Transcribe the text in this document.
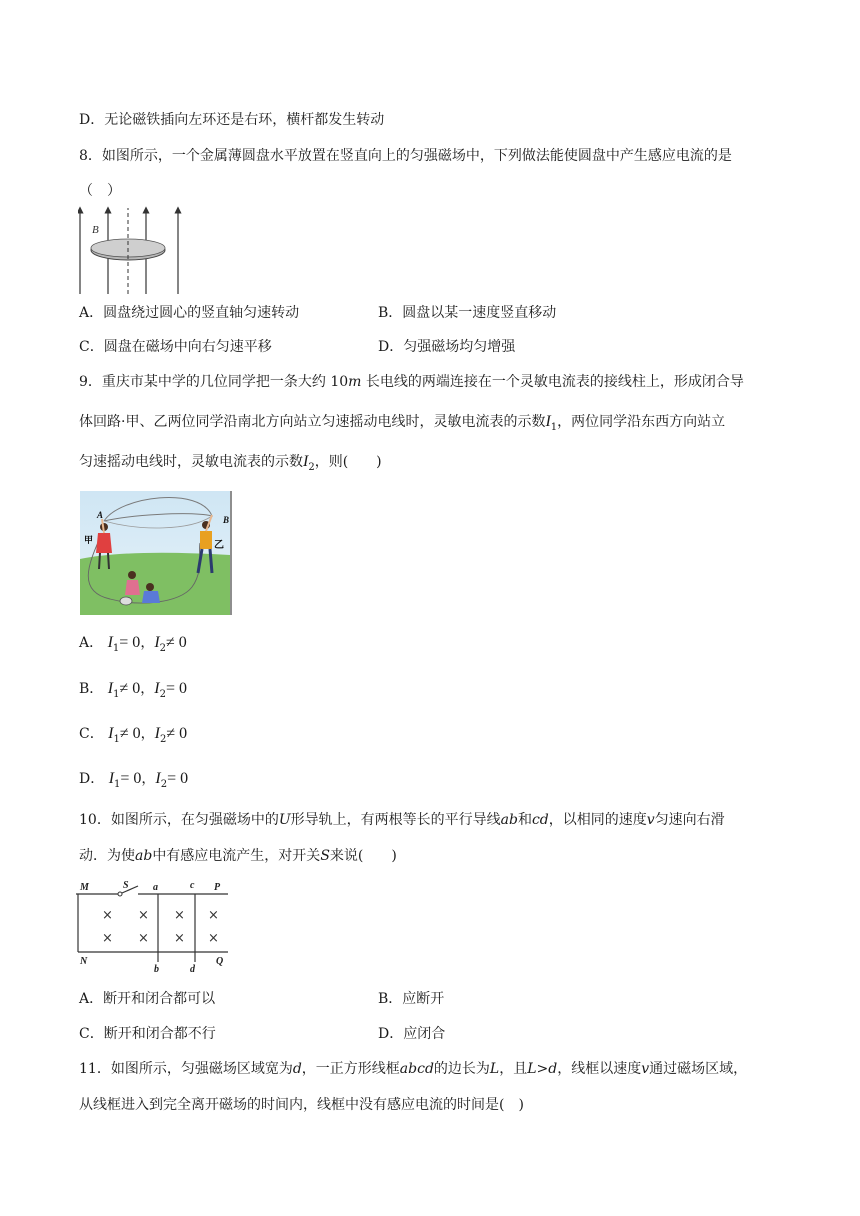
D．无论磁铁插向左环还是右环，横杆都发生转动
8．如图所示，一个金属薄圆盘水平放置在竖直向上的匀强磁场中，下列做法能使圆盘中产生感应电流的是
（　）
B
A．圆盘绕过圆心的竖直轴匀速转动	B．圆盘以某一速度竖直移动
C．圆盘在磁场中向右匀速平移	D．匀强磁场均匀增强
9．重庆市某中学的几位同学把一条大约 10m 长电线的两端连接在一个灵敏电流表的接线柱上，形成闭合导
体回路·甲、乙两位同学沿南北方向站立匀速摇动电线时，灵敏电流表的示数$I_1$，两位同学沿东西方向站立
匀速摇动电线时，灵敏电流表的示数$I_2$，则(　　)
A	B
甲	乙
A． $I_1= 0$，$I_2\ne 0$
B． $I_1\ne 0$，$I_2= 0$
C． $I_1\ne 0$，$I_2\ne 0$
D． $I_1= 0$，$I_2= 0$
10．如图所示，在匀强磁场中的U形导轨上，有两根等长的平行导线ab和cd，以相同的速度v匀速向右滑
动．为使ab中有感应电流产生，对开关S来说(　　)
M	S a	c P
N
b	d
Q
× × × ×
× × × ×
A．断开和闭合都可以	B．应断开
C．断开和闭合都不行	D．应闭合
11．如图所示，匀强磁场区域宽为d，一正方形线框abcd的边长为L，且L>d，线框以速度v通过磁场区域，
从线框进入到完全离开磁场的时间内，线框中没有感应电流的时间是(　)
